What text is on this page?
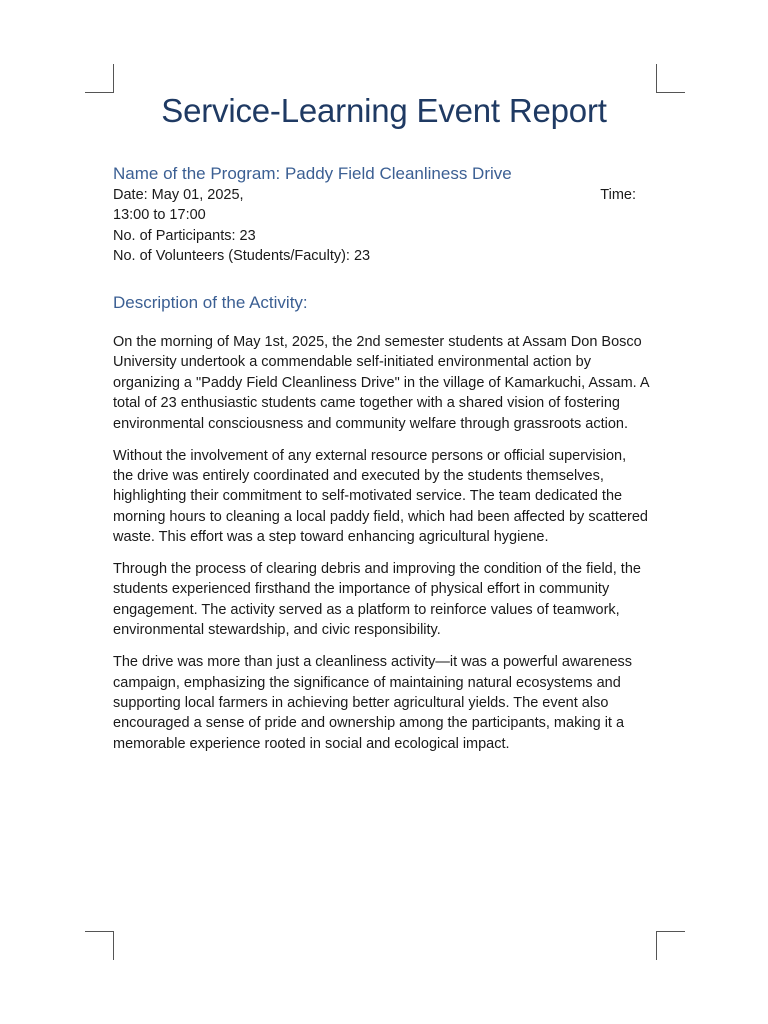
Service-Learning Event Report
Name of the Program: Paddy Field Cleanliness Drive
Date: May 01, 2025,	Time:
13:00 to 17:00
No. of Participants: 23
No. of Volunteers (Students/Faculty): 23
Description of the Activity:

On the morning of May 1st, 2025, the 2nd semester students at Assam Don Bosco University undertook a commendable self-initiated environmental action by organizing a "Paddy Field Cleanliness Drive" in the village of Kamarkuchi, Assam. A total of 23 enthusiastic students came together with a shared vision of fostering environmental consciousness and community welfare through grassroots action.

Without the involvement of any external resource persons or official supervision, the drive was entirely coordinated and executed by the students themselves, highlighting their commitment to self-motivated service. The team dedicated the morning hours to cleaning a local paddy field, which had been affected by scattered waste. This effort was a step toward enhancing agricultural hygiene.

Through the process of clearing debris and improving the condition of the field, the students experienced firsthand the importance of physical effort in community engagement. The activity served as a platform to reinforce values of teamwork, environmental stewardship, and civic responsibility.

The drive was more than just a cleanliness activity—it was a powerful awareness campaign, emphasizing the significance of maintaining natural ecosystems and supporting local farmers in achieving better agricultural yields. The event also encouraged a sense of pride and ownership among the participants, making it a memorable experience rooted in social and ecological impact.
